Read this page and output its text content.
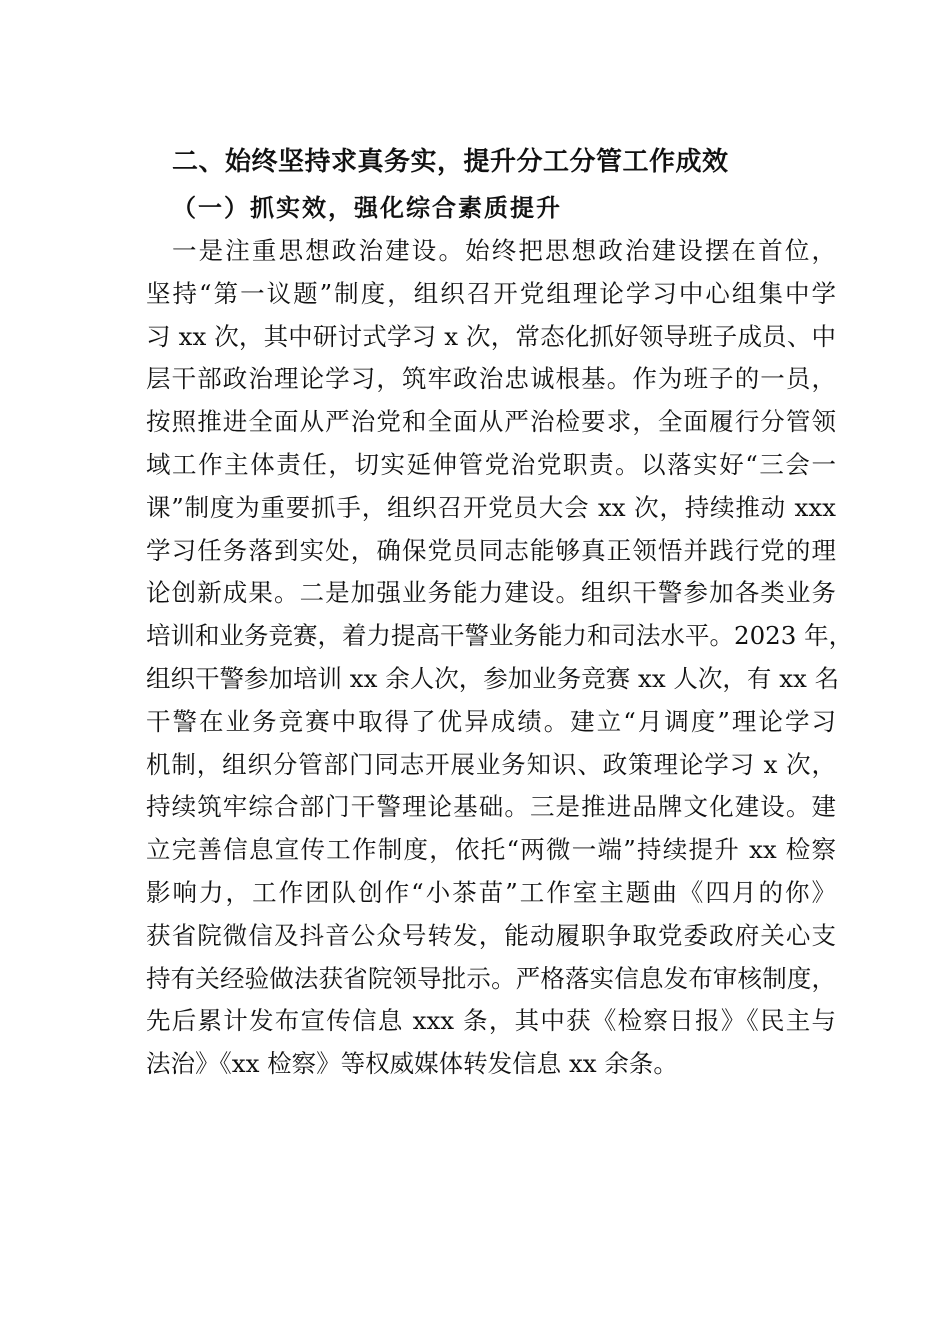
二、始终坚持求真务实，提升分工分管工作成效
（一）抓实效，强化综合素质提升
一是注重思想政治建设。始终把思想政治建设摆在首位，
坚持“第一议题”制度，组织召开党组理论学习中心组集中学
习 xx 次，其中研讨式学习 x 次，常态化抓好领导班子成员、中
层干部政治理论学习，筑牢政治忠诚根基。作为班子的一员，
按照推进全面从严治党和全面从严治检要求，全面履行分管领
域工作主体责任，切实延伸管党治党职责。以落实好“三会一
课”制度为重要抓手，组织召开党员大会 xx 次，持续推动 xxx
学习任务落到实处，确保党员同志能够真正领悟并践行党的理
论创新成果。二是加强业务能力建设。组织干警参加各类业务
培训和业务竞赛，着力提高干警业务能力和司法水平。2023 年，
组织干警参加培训 xx 余人次，参加业务竞赛 xx 人次，有 xx 名
干警在业务竞赛中取得了优异成绩。建立“月调度”理论学习
机制，组织分管部门同志开展业务知识、政策理论学习 x 次，
持续筑牢综合部门干警理论基础。三是推进品牌文化建设。建
立完善信息宣传工作制度，依托“两微一端”持续提升 xx 检察
影响力，工作团队创作“小茶苗”工作室主题曲《四月的你》
获省院微信及抖音公众号转发，能动履职争取党委政府关心支
持有关经验做法获省院领导批示。严格落实信息发布审核制度，
先后累计发布宣传信息 xxx 条，其中获《检察日报》《民主与
法治》《xx 检察》等权威媒体转发信息 xx 余条。
